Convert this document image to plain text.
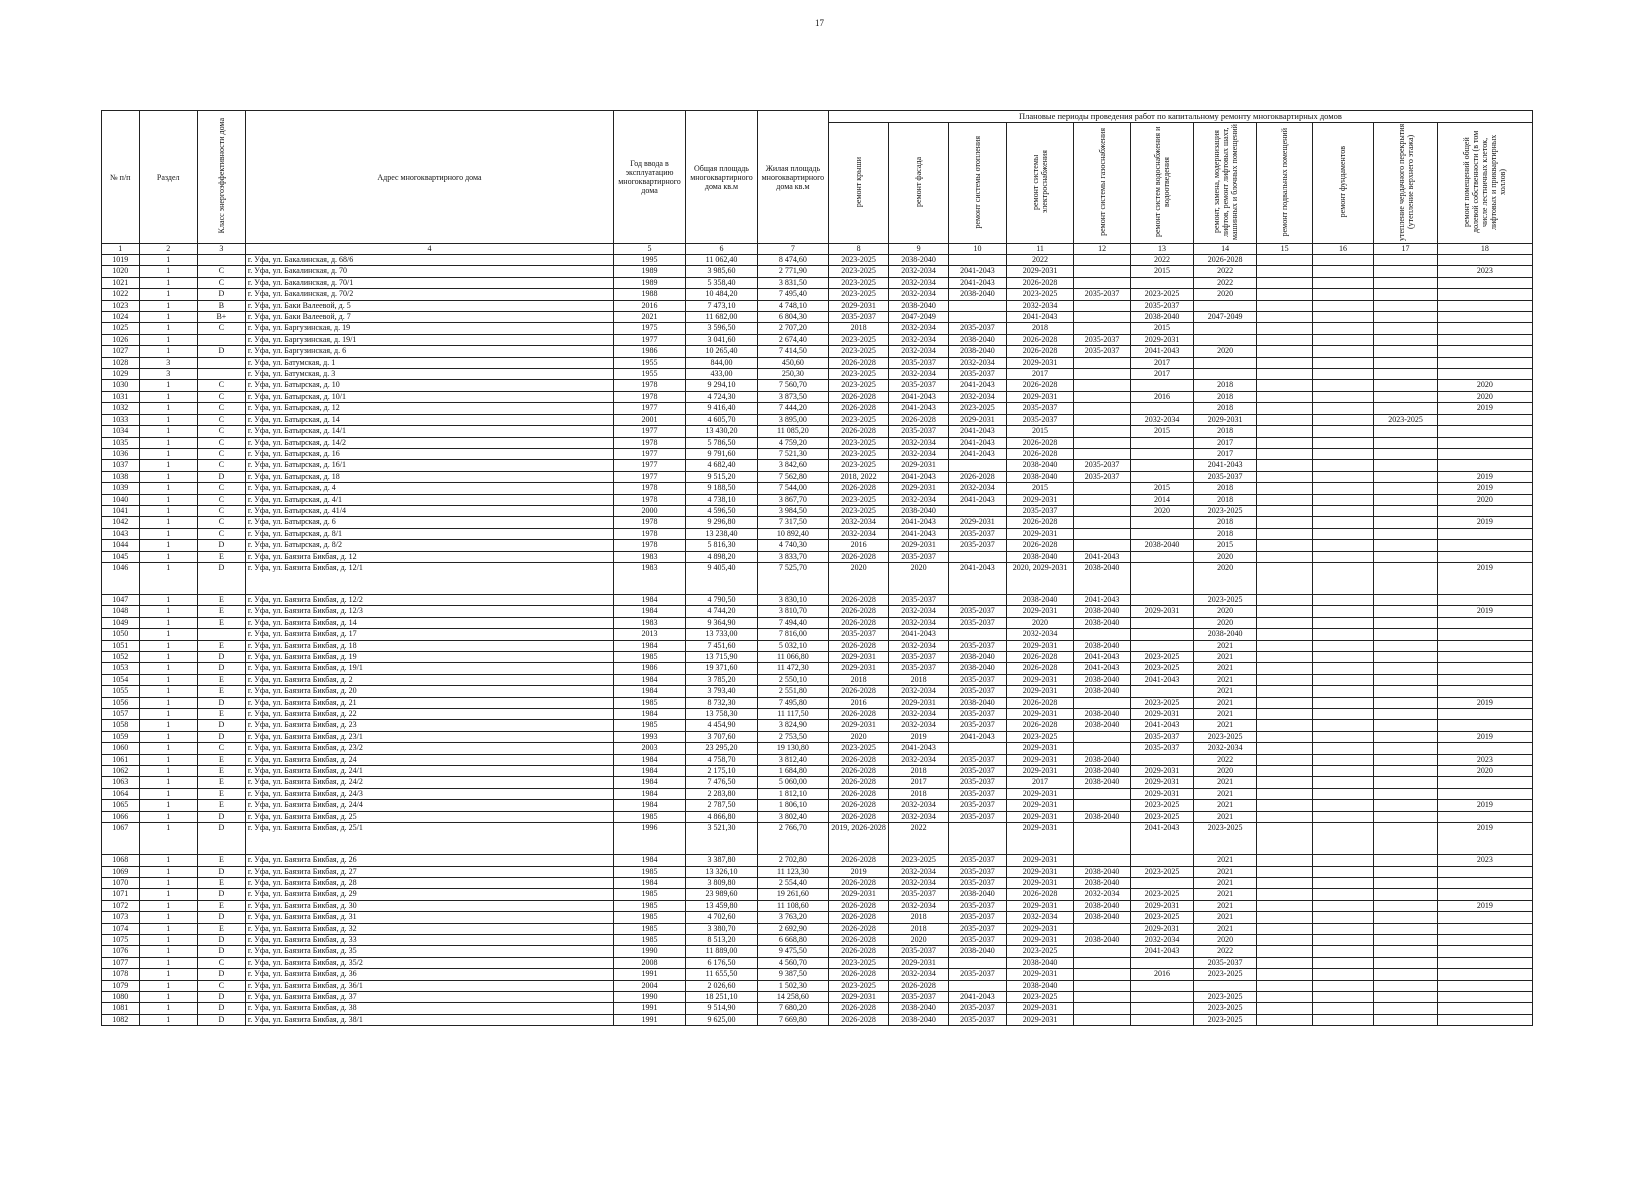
17
№ п/п	Раздел	Класс энергоэффективности дома	Адрес многоквартирного дома	Год ввода в эксплуатацию многоквартирного дома	Общая площадь многоквартирного дома кв.м	Жилая площадь многоквартирного дома кв.м	Плановые периоды проведения работ по капитальному ремонту многоквартирных домов										
							ремонт крыши	ремонт фасада	ремонт системы отопления	ремонт системы электроснабжения	ремонт системы газоснабжения	ремонт систем водоснабжения и водоотведения	ремонт, замена, модернизация лифтов, ремонт лифтовых шахт, машинных и блочных помещений	ремонт подвальных помещений	ремонт фундаментов	утепление чердачного перекрытия (утепление верхнего этажа)	ремонт помещений общей долевой собственности (в том числе лестничных клеток, лифтовых и приквартирных холлов)
1	2	3	4	5	6	7	8	9	10	11	12	13	14	15	16	17	18
1019	1		г. Уфа, ул. Бакалинская, д. 68/6	1995	11 062,40	8 474,60	2023-2025	2038-2040		2022		2022	2026-2028				
1020	1	C	г. Уфа, ул. Бакалинская, д. 70	1989	3 985,60	2 771,90	2023-2025	2032-2034	2041-2043	2029-2031		2015	2022				2023
1021	1	C	г. Уфа, ул. Бакалинская, д. 70/1	1989	5 358,40	3 831,50	2023-2025	2032-2034	2041-2043	2026-2028			2022				
1022	1	D	г. Уфа, ул. Бакалинская, д. 70/2	1988	10 484,20	7 495,40	2023-2025	2032-2034	2038-2040	2023-2025	2035-2037	2023-2025	2020				
1023	1	B	г. Уфа, ул. Баки Валеевой, д. 5	2016	7 473,10	4 748,10	2029-2031	2038-2040		2032-2034		2035-2037					
1024	1	B+	г. Уфа, ул. Баки Валеевой, д. 7	2021	11 682,00	6 804,30	2035-2037	2047-2049		2041-2043		2038-2040	2047-2049				
1025	1	C	г. Уфа, ул. Баргузинская, д. 19	1975	3 596,50	2 707,20	2018	2032-2034	2035-2037	2018		2015					
1026	1		г. Уфа, ул. Баргузинская, д. 19/1	1977	3 041,60	2 674,40	2023-2025	2032-2034	2038-2040	2026-2028	2035-2037	2029-2031					
1027	1	D	г. Уфа, ул. Баргузинская, д. 6	1986	10 265,40	7 414,50	2023-2025	2032-2034	2038-2040	2026-2028	2035-2037	2041-2043	2020				
1028	3		г. Уфа, ул. Батумская, д. 1	1955	844,00	450,60	2026-2028	2035-2037	2032-2034	2029-2031		2017					
1029	3		г. Уфа, ул. Батумская, д. 3	1955	433,00	250,30	2023-2025	2032-2034	2035-2037	2017		2017					
1030	1	C	г. Уфа, ул. Батырская, д. 10	1978	9 294,10	7 560,70	2023-2025	2035-2037	2041-2043	2026-2028			2018				2020
1031	1	C	г. Уфа, ул. Батырская, д. 10/1	1978	4 724,30	3 873,50	2026-2028	2041-2043	2032-2034	2029-2031		2016	2018				2020
1032	1	C	г. Уфа, ул. Батырская, д. 12	1977	9 416,40	7 444,20	2026-2028	2041-2043	2023-2025	2035-2037			2018				2019
1033	1	C	г. Уфа, ул. Батырская, д. 14	2001	4 605,70	3 895,00	2023-2025	2026-2028	2029-2031	2035-2037		2032-2034	2029-2031			2023-2025	
1034	1	C	г. Уфа, ул. Батырская, д. 14/1	1977	13 430,20	11 085,20	2026-2028	2035-2037	2041-2043	2015		2015	2018				
1035	1	C	г. Уфа, ул. Батырская, д. 14/2	1978	5 786,50	4 759,20	2023-2025	2032-2034	2041-2043	2026-2028			2017				
1036	1	C	г. Уфа, ул. Батырская, д. 16	1977	9 791,60	7 521,30	2023-2025	2032-2034	2041-2043	2026-2028			2017				
1037	1	C	г. Уфа, ул. Батырская, д. 16/1	1977	4 682,40	3 842,60	2023-2025	2029-2031		2038-2040	2035-2037		2041-2043				
1038	1	D	г. Уфа, ул. Батырская, д. 18	1977	9 515,20	7 562,80	2018, 2022	2041-2043	2026-2028	2038-2040	2035-2037		2035-2037				2019
1039	1	C	г. Уфа, ул. Батырская, д. 4	1978	9 188,50	7 544,00	2026-2028	2029-2031	2032-2034	2015		2015	2018				2019
1040	1	C	г. Уфа, ул. Батырская, д. 4/1	1978	4 738,10	3 867,70	2023-2025	2032-2034	2041-2043	2029-2031		2014	2018				2020
1041	1	C	г. Уфа, ул. Батырская, д. 41/4	2000	4 596,50	3 984,50	2023-2025	2038-2040		2035-2037		2020	2023-2025				
1042	1	C	г. Уфа, ул. Батырская, д. 6	1978	9 296,80	7 317,50	2032-2034	2041-2043	2029-2031	2026-2028			2018				2019
1043	1	C	г. Уфа, ул. Батырская, д. 8/1	1978	13 238,40	10 892,40	2032-2034	2041-2043	2035-2037	2029-2031			2018				
1044	1	D	г. Уфа, ул. Батырская, д. 8/2	1978	5 816,30	4 740,30	2016	2029-2031	2035-2037	2026-2028		2038-2040	2015				
1045	1	E	г. Уфа, ул. Баязита Бикбая, д. 12	1983	4 898,20	3 833,70	2026-2028	2035-2037		2038-2040	2041-2043		2020				
1046	1	D	г. Уфа, ул. Баязита Бикбая, д. 12/1	1983	9 405,40	7 525,70	2020	2020	2041-2043	2020, 2029-2031	2038-2040		2020				2019
1047	1	E	г. Уфа, ул. Баязита Бикбая, д. 12/2	1984	4 790,50	3 830,10	2026-2028	2035-2037		2038-2040	2041-2043		2023-2025				
1048	1	E	г. Уфа, ул. Баязита Бикбая, д. 12/3	1984	4 744,20	3 810,70	2026-2028	2032-2034	2035-2037	2029-2031	2038-2040	2029-2031	2020				2019
1049	1	E	г. Уфа, ул. Баязита Бикбая, д. 14	1983	9 364,90	7 494,40	2026-2028	2032-2034	2035-2037	2020	2038-2040		2020				
1050	1		г. Уфа, ул. Баязита Бикбая, д. 17	2013	13 733,00	7 816,00	2035-2037	2041-2043		2032-2034			2038-2040				
1051	1	E	г. Уфа, ул. Баязита Бикбая, д. 18	1984	7 451,60	5 032,10	2026-2028	2032-2034	2035-2037	2029-2031	2038-2040		2021				
1052	1	D	г. Уфа, ул. Баязита Бикбая, д. 19	1985	13 715,90	11 066,80	2029-2031	2035-2037	2038-2040	2026-2028	2041-2043	2023-2025	2021				
1053	1	D	г. Уфа, ул. Баязита Бикбая, д. 19/1	1986	19 371,60	11 472,30	2029-2031	2035-2037	2038-2040	2026-2028	2041-2043	2023-2025	2021				
1054	1	E	г. Уфа, ул. Баязита Бикбая, д. 2	1984	3 785,20	2 550,10	2018	2018	2035-2037	2029-2031	2038-2040	2041-2043	2021				
1055	1	E	г. Уфа, ул. Баязита Бикбая, д. 20	1984	3 793,40	2 551,80	2026-2028	2032-2034	2035-2037	2029-2031	2038-2040		2021				
1056	1	D	г. Уфа, ул. Баязита Бикбая, д. 21	1985	8 732,30	7 495,80	2016	2029-2031	2038-2040	2026-2028		2023-2025	2021				2019
1057	1	E	г. Уфа, ул. Баязита Бикбая, д. 22	1984	13 758,30	11 117,50	2026-2028	2032-2034	2035-2037	2029-2031	2038-2040	2029-2031	2021				
1058	1	D	г. Уфа, ул. Баязита Бикбая, д. 23	1985	4 454,90	3 824,90	2029-2031	2032-2034	2035-2037	2026-2028	2038-2040	2041-2043	2021				
1059	1	D	г. Уфа, ул. Баязита Бикбая, д. 23/1	1993	3 707,60	2 753,50	2020	2019	2041-2043	2023-2025		2035-2037	2023-2025				2019
1060	1	C	г. Уфа, ул. Баязита Бикбая, д. 23/2	2003	23 295,20	19 130,80	2023-2025	2041-2043		2029-2031		2035-2037	2032-2034				
1061	1	E	г. Уфа, ул. Баязита Бикбая, д. 24	1984	4 758,70	3 812,40	2026-2028	2032-2034	2035-2037	2029-2031	2038-2040		2022				2023
1062	1	E	г. Уфа, ул. Баязита Бикбая, д. 24/1	1984	2 175,10	1 684,80	2026-2028	2018	2035-2037	2029-2031	2038-2040	2029-2031	2020				2020
1063	1	E	г. Уфа, ул. Баязита Бикбая, д. 24/2	1984	7 476,50	5 060,00	2026-2028	2017	2035-2037	2017	2038-2040	2029-2031	2021				
1064	1	E	г. Уфа, ул. Баязита Бикбая, д. 24/3	1984	2 283,80	1 812,10	2026-2028	2018	2035-2037	2029-2031		2029-2031	2021				
1065	1	E	г. Уфа, ул. Баязита Бикбая, д. 24/4	1984	2 787,50	1 806,10	2026-2028	2032-2034	2035-2037	2029-2031		2023-2025	2021				2019
1066	1	D	г. Уфа, ул. Баязита Бикбая, д. 25	1985	4 866,80	3 802,40	2026-2028	2032-2034	2035-2037	2029-2031	2038-2040	2023-2025	2021				
1067	1	D	г. Уфа, ул. Баязита Бикбая, д. 25/1	1996	3 521,30	2 766,70	2019, 2026-2028	2022		2029-2031		2041-2043	2023-2025				2019
1068	1	E	г. Уфа, ул. Баязита Бикбая, д. 26	1984	3 387,80	2 702,80	2026-2028	2023-2025	2035-2037	2029-2031			2021				2023
1069	1	D	г. Уфа, ул. Баязита Бикбая, д. 27	1985	13 326,10	11 123,30	2019	2032-2034	2035-2037	2029-2031	2038-2040	2023-2025	2021				
1070	1	E	г. Уфа, ул. Баязита Бикбая, д. 28	1984	3 809,80	2 554,40	2026-2028	2032-2034	2035-2037	2029-2031	2038-2040		2021				
1071	1	D	г. Уфа, ул. Баязита Бикбая, д. 29	1985	23 989,60	19 261,60	2029-2031	2035-2037	2038-2040	2026-2028	2032-2034	2023-2025	2021				
1072	1	E	г. Уфа, ул. Баязита Бикбая, д. 30	1985	13 459,80	11 108,60	2026-2028	2032-2034	2035-2037	2029-2031	2038-2040	2029-2031	2021				2019
1073	1	D	г. Уфа, ул. Баязита Бикбая, д. 31	1985	4 702,60	3 763,20	2026-2028	2018	2035-2037	2032-2034	2038-2040	2023-2025	2021				
1074	1	E	г. Уфа, ул. Баязита Бикбая, д. 32	1985	3 380,70	2 692,90	2026-2028	2018	2035-2037	2029-2031		2029-2031	2021				
1075	1	D	г. Уфа, ул. Баязита Бикбая, д. 33	1985	8 513,20	6 668,80	2026-2028	2020	2035-2037	2029-2031	2038-2040	2032-2034	2020				
1076	1	D	г. Уфа, ул. Баязита Бикбая, д. 35	1990	11 889,00	9 475,50	2026-2028	2035-2037	2038-2040	2023-2025		2041-2043	2022				
1077	1	C	г. Уфа, ул. Баязита Бикбая, д. 35/2	2008	6 176,50	4 560,70	2023-2025	2029-2031		2038-2040			2035-2037				
1078	1	D	г. Уфа, ул. Баязита Бикбая, д. 36	1991	11 655,50	9 387,50	2026-2028	2032-2034	2035-2037	2029-2031		2016	2023-2025				
1079	1	C	г. Уфа, ул. Баязита Бикбая, д. 36/1	2004	2 026,60	1 502,30	2023-2025	2026-2028		2038-2040							
1080	1	D	г. Уфа, ул. Баязита Бикбая, д. 37	1990	18 251,10	14 258,60	2029-2031	2035-2037	2041-2043	2023-2025			2023-2025				
1081	1	D	г. Уфа, ул. Баязита Бикбая, д. 38	1991	9 514,90	7 680,20	2026-2028	2038-2040	2035-2037	2029-2031			2023-2025				
1082	1	D	г. Уфа, ул. Баязита Бикбая, д. 38/1	1991	9 625,00	7 669,80	2026-2028	2038-2040	2035-2037	2029-2031			2023-2025				
